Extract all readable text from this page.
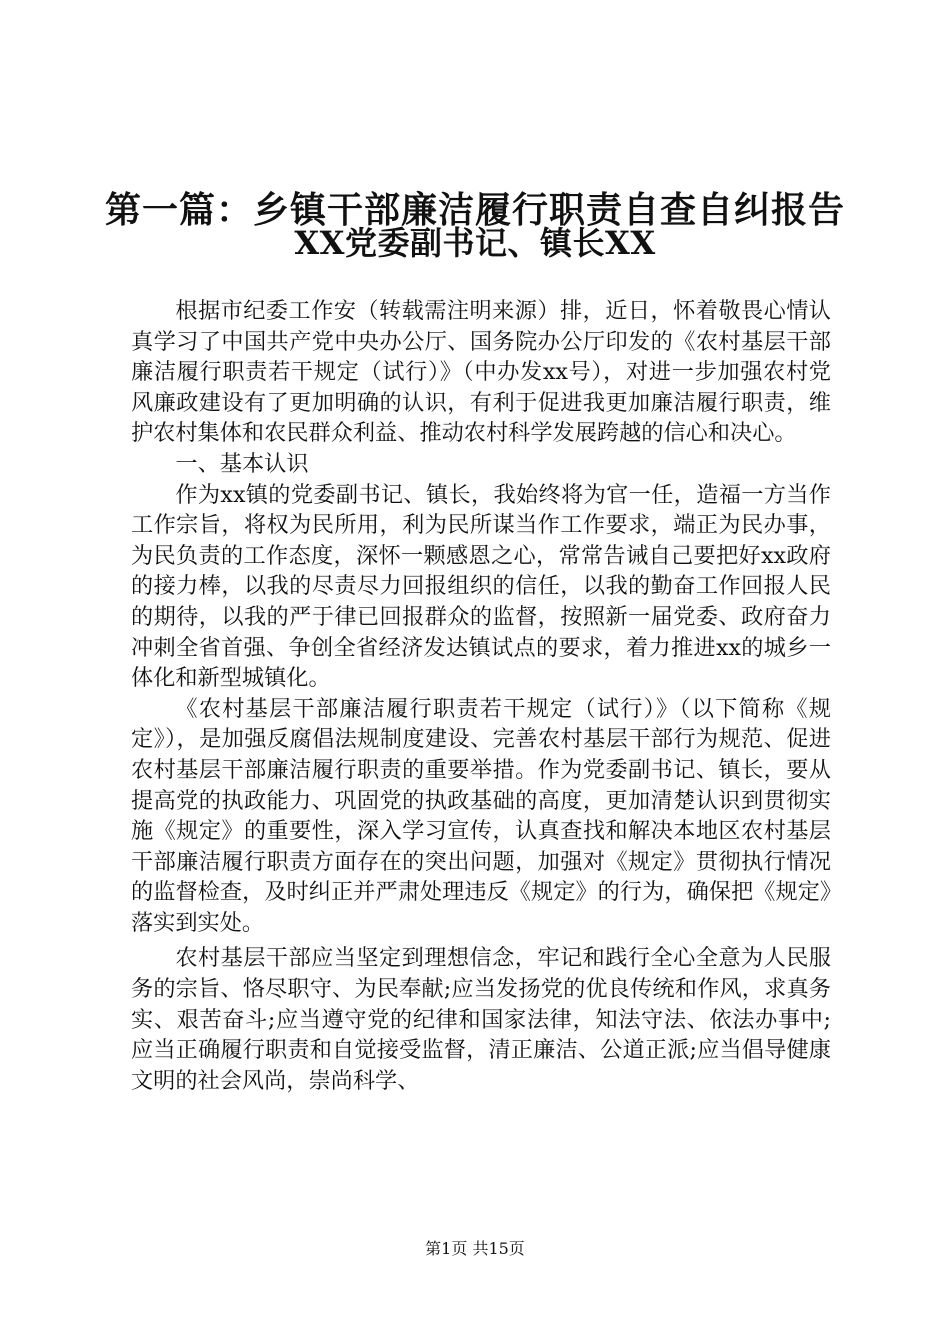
第一篇：乡镇干部廉洁履行职责自查自纠报告
XX党委副书记、镇长XX

根据市纪委工作安（转载需注明来源）排，近日，怀着敬畏心情认真学习了中国共产党中央办公厅、国务院办公厅印发的《农村基层干部廉洁履行职责若干规定（试行）》（中办发xx号），对进一步加强农村党风廉政建设有了更加明确的认识，有利于促进我更加廉洁履行职责，维护农村集体和农民群众利益、推动农村科学发展跨越的信心和决心。

一、基本认识

作为xx镇的党委副书记、镇长，我始终将为官一任，造福一方当作工作宗旨，将权为民所用，利为民所谋当作工作要求，端正为民办事，为民负责的工作态度，深怀一颗感恩之心，常常告诫自己要把好xx政府的接力棒，以我的尽责尽力回报组织的信任，以我的勤奋工作回报人民的期待，以我的严于律已回报群众的监督，按照新一届党委、政府奋力冲刺全省首强、争创全省经济发达镇试点的要求，着力推进xx的城乡一体化和新型城镇化。

《农村基层干部廉洁履行职责若干规定（试行）》（以下简称《规定》），是加强反腐倡法规制度建设、完善农村基层干部行为规范、促进农村基层干部廉洁履行职责的重要举措。作为党委副书记、镇长，要从提高党的执政能力、巩固党的执政基础的高度，更加清楚认识到贯彻实施《规定》的重要性，深入学习宣传，认真查找和解决本地区农村基层干部廉洁履行职责方面存在的突出问题，加强对《规定》贯彻执行情况的监督检查，及时纠正并严肃处理违反《规定》的行为，确保把《规定》落实到实处。

农村基层干部应当坚定到理想信念，牢记和践行全心全意为人民服务的宗旨、恪尽职守、为民奉献;应当发扬党的优良传统和作风，求真务实、艰苦奋斗;应当遵守党的纪律和国家法律，知法守法、依法办事中;应当正确履行职责和自觉接受监督，清正廉洁、公道正派;应当倡导健康文明的社会风尚，崇尚科学、

第1页 共15页
